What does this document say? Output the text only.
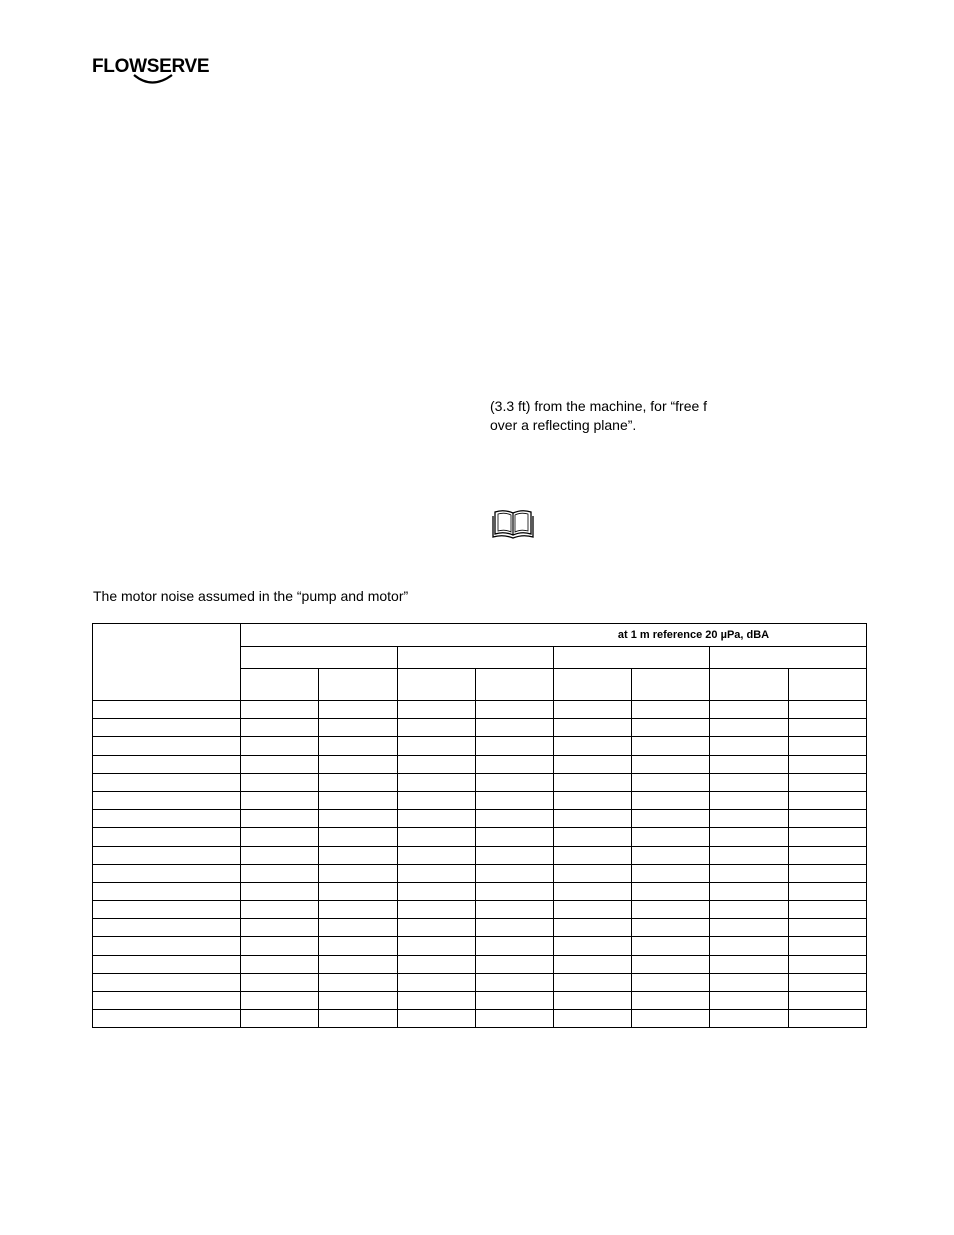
FLOWSERVE
(3.3 ft) from the machine, for “free f
over a reflecting plane”.
The motor noise assumed in the “pump and motor”
	at 1 m reference 20 µPa, dBA							
